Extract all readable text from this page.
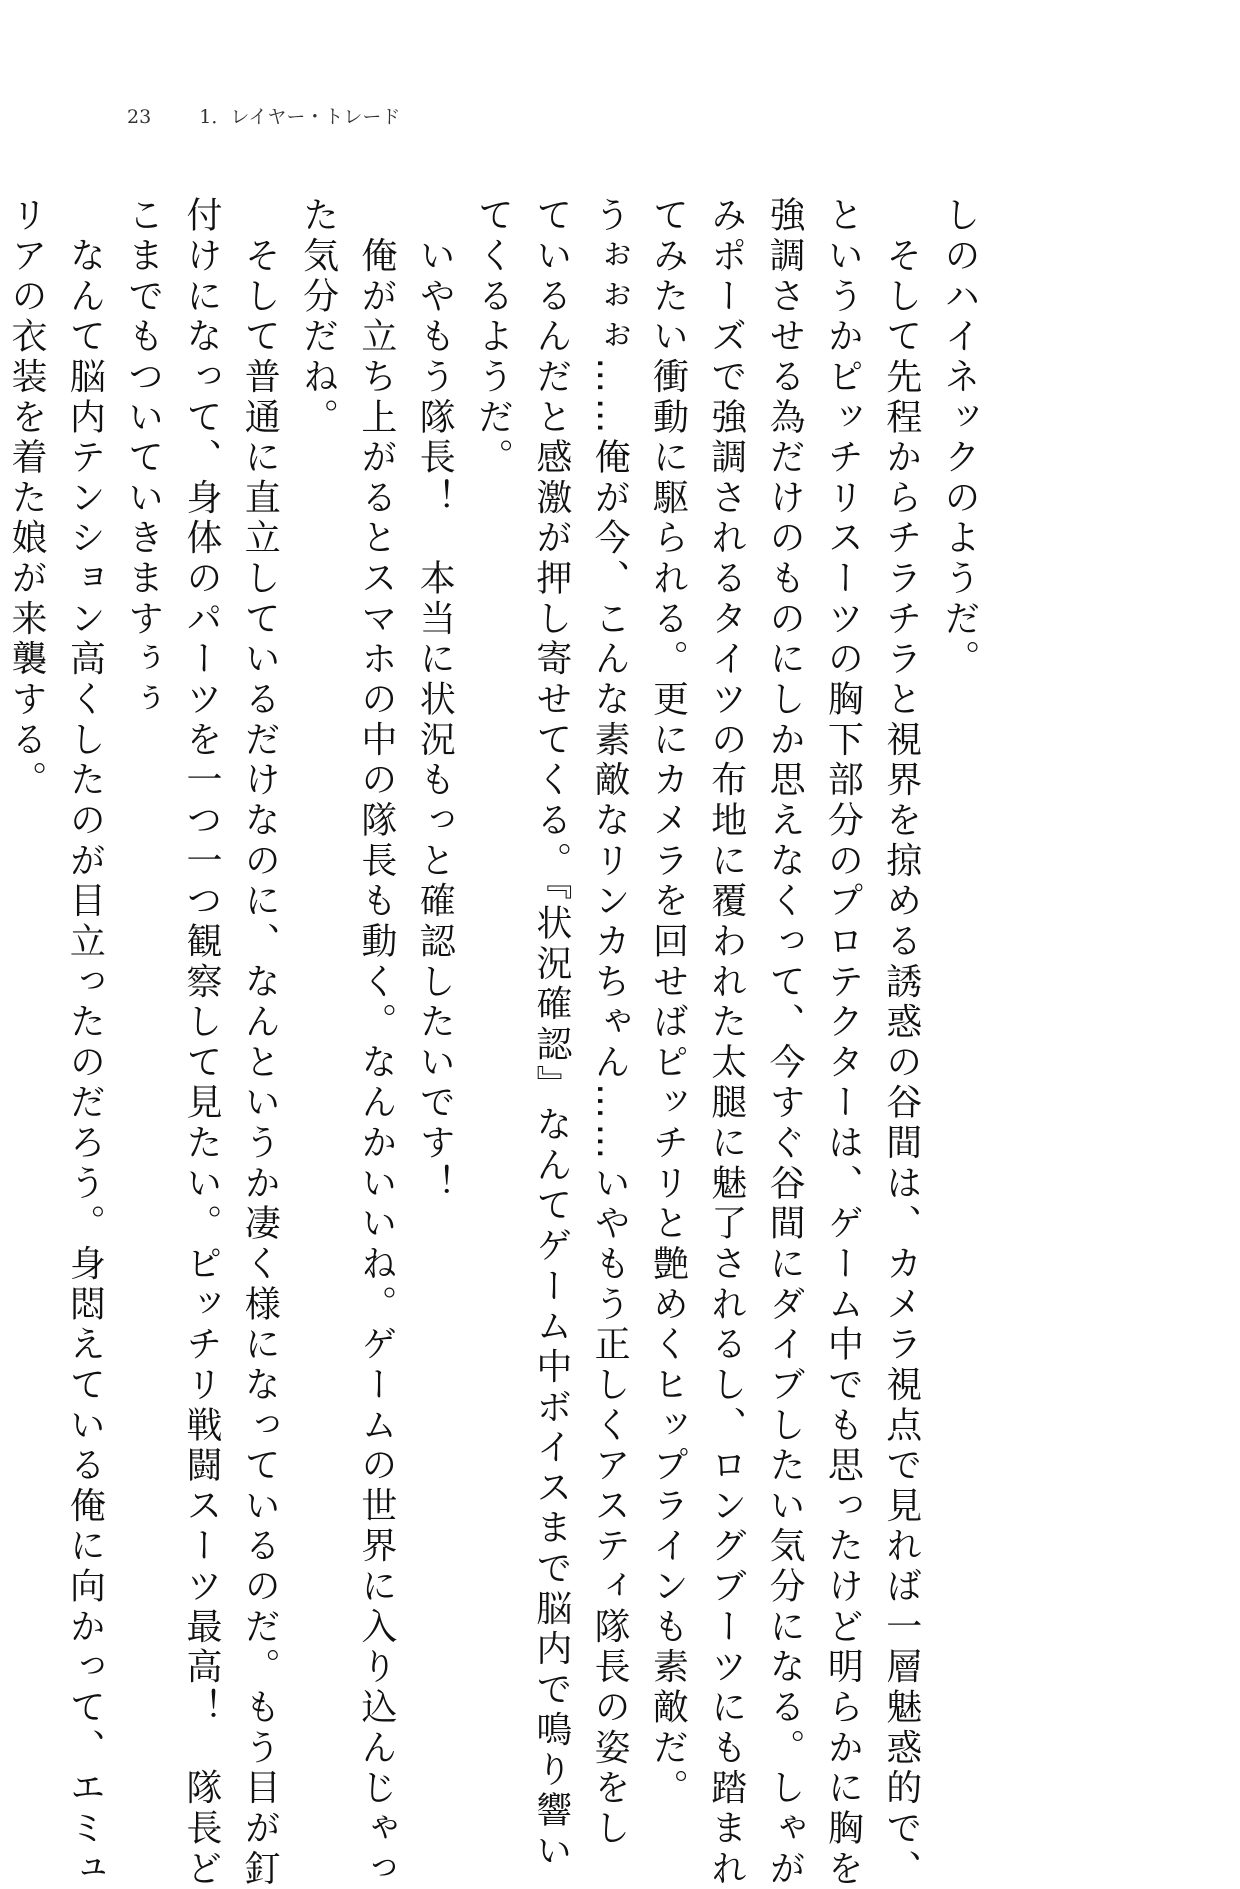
23	1．レイヤー・トレード
しのハイネックのようだ。
　そして先程からチラチラと視界を掠める誘惑の谷間は、カメラ視点で見れば一層魅惑的で、
というかピッチリスーツの胸下部分のプロテクターは、ゲーム中でも思ったけど明らかに胸を
強調させる為だけのものにしか思えなくって、今すぐ谷間にダイブしたい気分になる。しゃが
みポーズで強調されるタイツの布地に覆われた太腿に魅了されるし、ロングブーツにも踏まれ
てみたい衝動に駆られる。更にカメラを回せばピッチリと艶めくヒップラインも素敵だ。
うぉぉぉ……俺が今、こんな素敵なリンカちゃん……いやもう正しくアスティ隊長の姿をし
ているんだと感激が押し寄せてくる。『状況確認』なんてゲーム中ボイスまで脳内で鳴り響い
てくるようだ。
　いやもう隊長！　本当に状況もっと確認したいです！
　俺が立ち上がるとスマホの中の隊長も動く。なんかいいね。ゲームの世界に入り込んじゃっ
た気分だね。
　そして普通に直立しているだけなのに、なんというか凄く様になっているのだ。もう目が釘
付けになって、身体のパーツを一つ一つ観察して見たい。ピッチリ戦闘スーツ最高！　隊長ど
こまでもついていきますぅぅ
　なんて脳内テンション高くしたのが目立ったのだろう。身悶えている俺に向かって、エミュ
リアの衣装を着た娘が来襲する。
